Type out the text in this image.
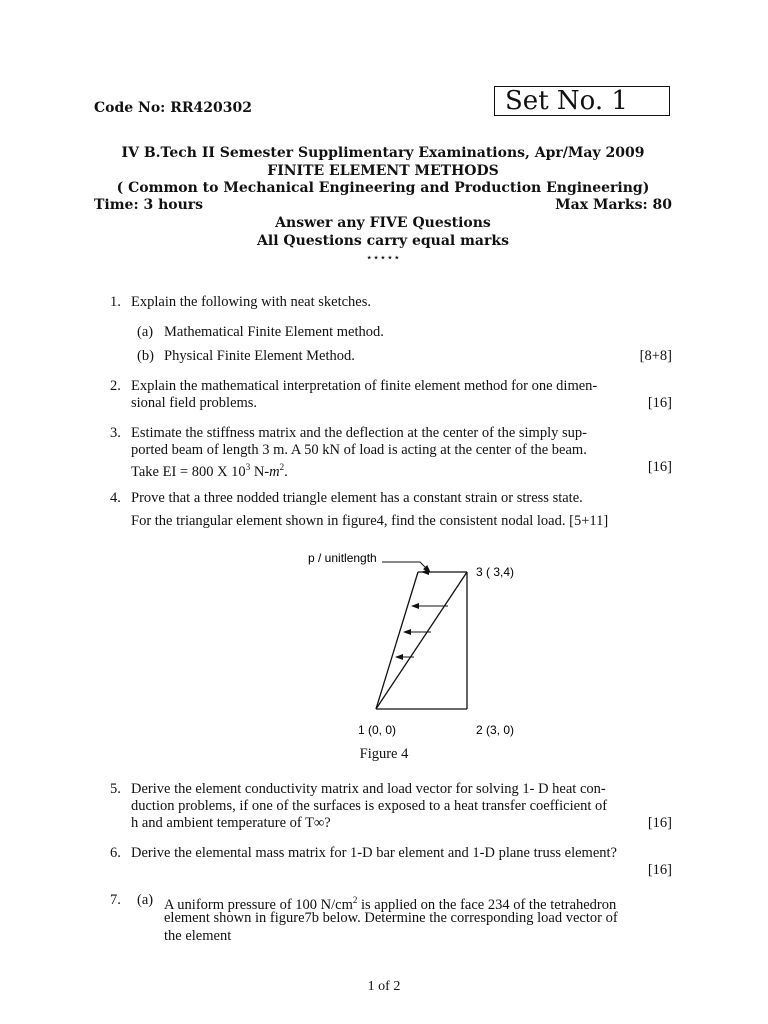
Code No: RR420302	Set No. 1
IV B.Tech II Semester Supplimentary Examinations, Apr/May 2009
FINITE ELEMENT METHODS
( Common to Mechanical Engineering and Production Engineering)
Time: 3 hours	Max Marks: 80
Answer any FIVE Questions
All Questions carry equal marks
⋆⋆⋆⋆⋆
1. Explain the following with neat sketches.
(a) Mathematical Finite Element method.
(b) Physical Finite Element Method.	[8+8]
2. Explain the mathematical interpretation of finite element method for one dimen-
sional field problems.	[16]
3. Estimate the stiffness matrix and the deflection at the center of the simply sup-
ported beam of length 3 m. A 50 kN of load is acting at the center of the beam.
Take EI = 800 X $10^3$ $N-m^2$.	[16]
4. Prove that a three nodded triangle element has a constant strain or stress state.
For the triangular element shown in figure4, find the consistent nodal load. [5+11]
p / unitlength
3 ( 3,4)
1 (0, 0)	2 (3, 0)
Figure 4
5. Derive the element conductivity matrix and load vector for solving 1- D heat con-
duction problems, if one of the surfaces is exposed to a heat transfer coefficient of
h and ambient temperature of T∞?	[16]
6. Derive the elemental mass matrix for 1-D bar element and 1-D plane truss element?
[16]
7. (a) A uniform pressure of 100 $N/cm^2$ is applied on the face 234 of the tetrahedron
element shown in figure7b below. Determine the corresponding load vector of
the element
1 of 2
